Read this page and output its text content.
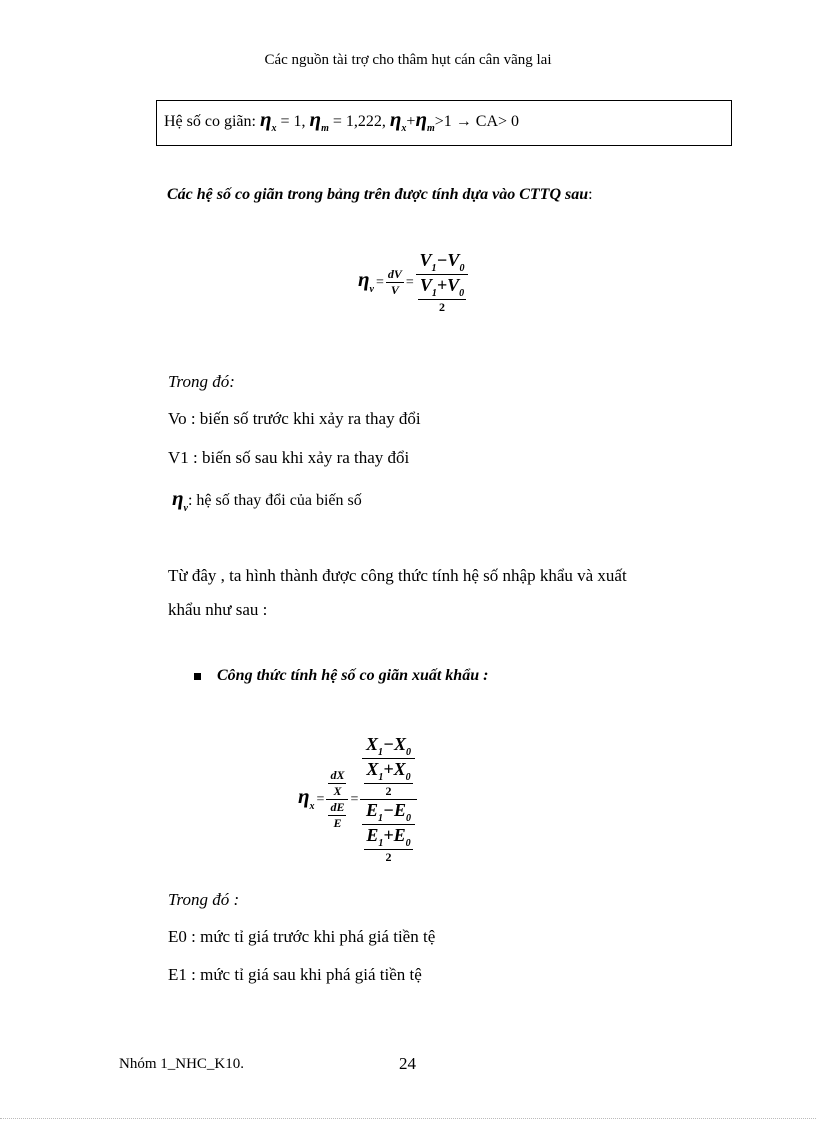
Các nguồn tài trợ cho thâm hụt cán cân vãng lai
Hệ số co giãn: $\eta_x = 1$, $\eta_m = 1,222$, $\eta_x+\eta_m>1 \to CA> 0$
Các hệ số co giãn trong bảng trên được tính dựa vào CTTQ sau:
$\eta_v= \frac{dV}{V} = \frac{V_1-V_0}{\frac{V_1+V_0}{2}}$
Trong đó:
Vo : biến số trước khi xảy ra thay đổi
V1 : biến số sau khi xảy ra thay đổi
$\eta_v$: hệ số thay đổi của biến số
Từ đây , ta hình thành được công thức tính hệ số nhập khẩu và xuất
khẩu như sau :
Công thức tính hệ số co giãn xuất khẩu :
$\eta_x= \frac{\frac{dX}{X}}{\frac{dE}{E}} = \frac{\frac{X_1-X_0}{\frac{X_1+X_0}{2}}}{\frac{E_1-E_0}{\frac{E_1+E_0}{2}}}$
Trong đó :
E0 : mức tỉ giá trước khi phá giá tiền tệ
E1 : mức tỉ giá sau khi phá giá tiền tệ
Nhóm 1_NHC_K10.	24
